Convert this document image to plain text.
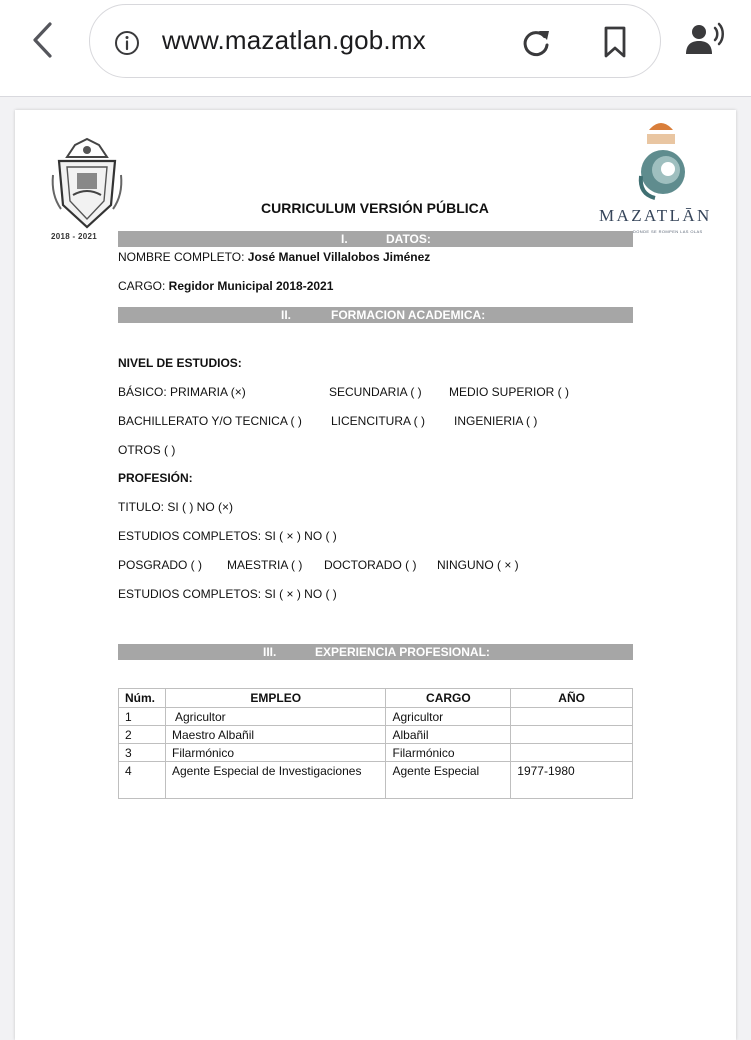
www.mazatlan.gob.mx
2018 - 2021
MAZATLĀN
DONDE SE ROMPEN LAS OLAS
CURRICULUM VERSIÓN PÚBLICA
I.	DATOS:
NOMBRE COMPLETO: José Manuel Villalobos Jiménez
CARGO: Regidor Municipal 2018-2021
II.	FORMACION ACADEMICA:
NIVEL DE ESTUDIOS:
BÁSICO: PRIMARIA (×)	SECUNDARIA ( ) MEDIO SUPERIOR ( )
BACHILLERATO Y/O TECNICA ( ) LICENCITURA ( ) INGENIERIA ( )
OTROS ( )
PROFESIÓN:
TITULO: SI ( ) NO (×)
ESTUDIOS COMPLETOS: SI ( × ) NO ( )
POSGRADO ( ) MAESTRIA ( ) DOCTORADO ( ) NINGUNO ( × )
ESTUDIOS COMPLETOS: SI ( × ) NO ( )
III.	EXPERIENCIA PROFESIONAL:
Núm.	EMPLEO	CARGO	AÑO
1	Agricultor	Agricultor	
2	Maestro Albañil	Albañil	
3	Filarmónico	Filarmónico	
4	Agente Especial de Investigaciones	Agente Especial	1977-1980
